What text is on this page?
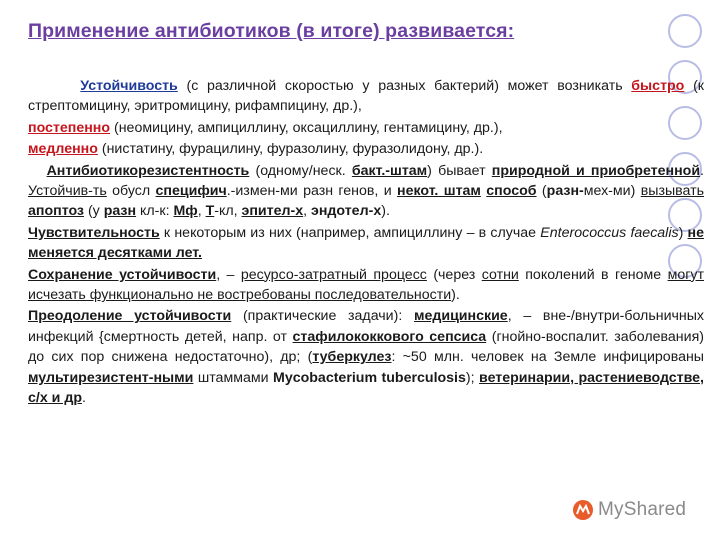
Применение антибиотиков (в итоге) развивается:

Устойчивость (с различной скоростью у разных бактерий) может возникать быстро (к стрептомицину, эритромицину, рифампицину, др.),

постепенно (неомицину, ампициллину, оксациллину, гентамицину, др.),

медленно (нистатину, фурацилину, фуразолину, фуразолидону, др.).

Антибиотикорезистентность (одному/неск. бакт.-штам) бывает природной и приобретенной. Устойчив-ть обусл специфич.-измен-ми разн генов, и некот. штам способ (разн-мех-ми) вызывать апоптоз (у разн кл-к: Мф, Т-кл, эпител-х, эндотел-х).

Чувствительность к некоторым из них (например, ампициллину – в случае Enterococcus faecalis) не меняется десятками лет.

Сохранение устойчивости, – ресурсо-затратный процесс (через сотни поколений в геноме могут исчезать функционально не востребованы последовательности).

Преодоление устойчивости (практические задачи): медицинские, – вне-/внутри-больничных инфекций {смертность детей, напр. от стафилококкового сепсиса (гнойно-воспалит. заболевания) до сих пор снижена недостаточно), др; (туберкулез: ~50 млн. человек на Земле инфицированы мультирезистент-ными штаммами Mycobacterium tuberculosis); ветеринарии, растениеводстве, с/х и др.

MyShared
